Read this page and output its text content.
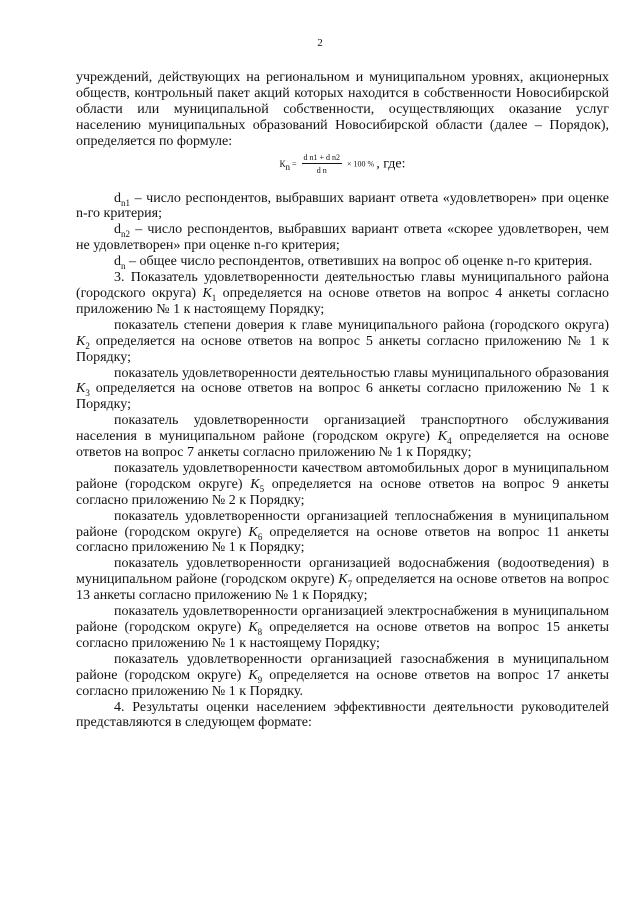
2

учреждений, действующих на региональном и муниципальном уровнях, акционерных обществ, контрольный пакет акций которых находится в собственности Новосибирской области или муниципальной собственности, осуществляющих оказание услуг населению муниципальных образований Новосибирской области (далее – Порядок), определяется по формуле:

$К_n = \frac{\text{d n1 + d n2}}{\text{d n}} \times 100$ % , где:

$d_{n1}$ – число респондентов, выбравших вариант ответа «удовлетворен» при оценке n-го критерия;

$d_{n2}$ – число респондентов, выбравших вариант ответа «скорее удовлетворен, чем не удовлетворен» при оценке n-го критерия;

$d_n$ – общее число респондентов, ответивших на вопрос об оценке n-го критерия.

3. Показатель удовлетворенности деятельностью главы муниципального района (городского округа) $K_1$ определяется на основе ответов на вопрос 4 анкеты согласно приложению № 1 к настоящему Порядку;

показатель степени доверия к главе муниципального района (городского округа) $K_2$ определяется на основе ответов на вопрос 5 анкеты согласно приложению № 1 к Порядку;

показатель удовлетворенности деятельностью главы муниципального образования $K_3$ определяется на основе ответов на вопрос 6 анкеты согласно приложению № 1 к Порядку;

показатель удовлетворенности организацией транспортного обслуживания населения в муниципальном районе (городском округе) $K_4$ определяется на основе ответов на вопрос 7 анкеты согласно приложению № 1 к Порядку;

показатель удовлетворенности качеством автомобильных дорог в муниципальном районе (городском округе) $K_5$ определяется на основе ответов на вопрос 9 анкеты согласно приложению № 2 к Порядку;

показатель удовлетворенности организацией теплоснабжения в муниципальном районе (городском округе) $K_6$ определяется на основе ответов на вопрос 11 анкеты согласно приложению № 1 к Порядку;

показатель удовлетворенности организацией водоснабжения (водоотведения) в муниципальном районе (городском округе) $K_7$ определяется на основе ответов на вопрос 13 анкеты согласно приложению № 1 к Порядку;

показатель удовлетворенности организацией электроснабжения в муниципальном районе (городском округе) $K_8$ определяется на основе ответов на вопрос 15 анкеты согласно приложению № 1 к настоящему Порядку;

показатель удовлетворенности организацией газоснабжения в муниципальном районе (городском округе) $K_9$ определяется на основе ответов на вопрос 17 анкеты согласно приложению № 1 к Порядку.

4. Результаты оценки населением эффективности деятельности руководителей представляются в следующем формате:
